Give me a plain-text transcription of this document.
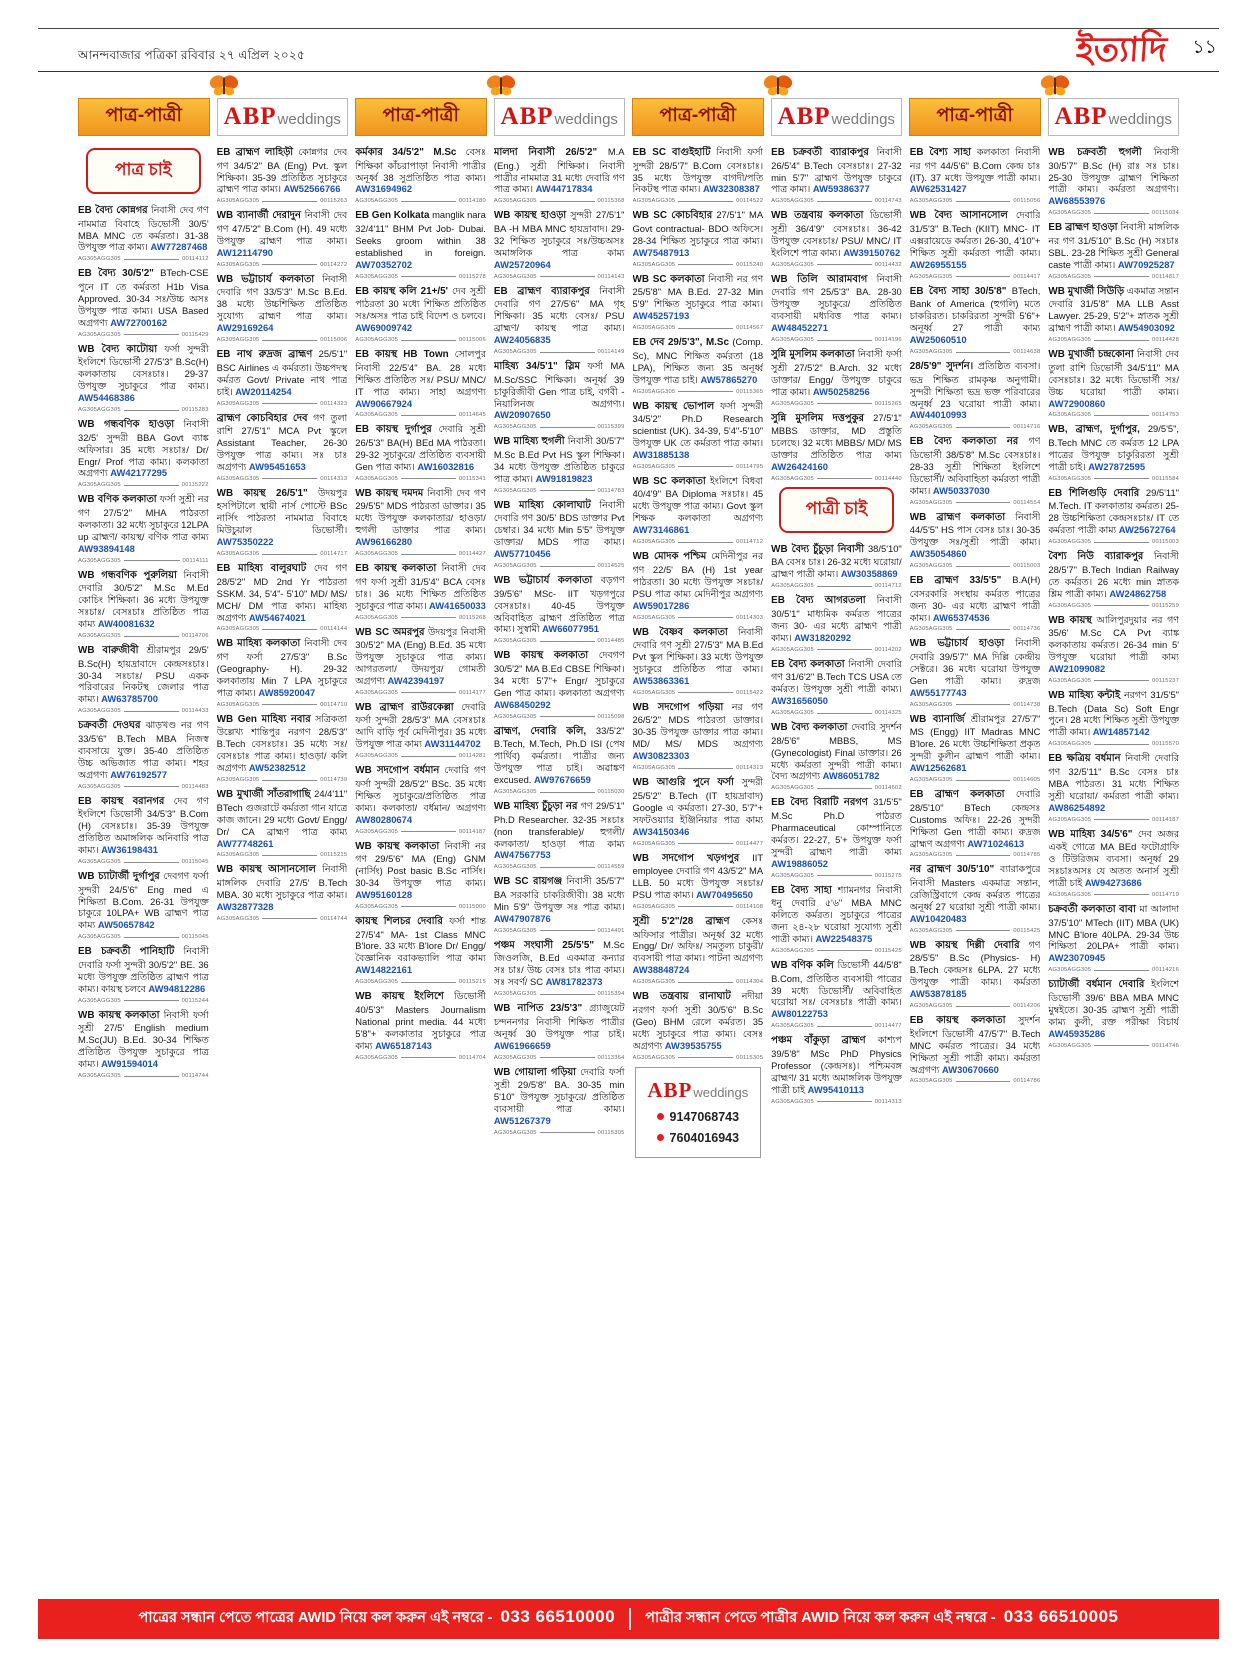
আনন্দবাজার পত্রিকা রবিবার ২৭ এপ্রিল ২০২৫	ইত্যাদি ১১
পাত্র-পাত্রী ABPweddings পাত্র-পাত্রী ABPweddings পাত্র-পাত্রী ABPweddings পাত্র-পাত্রী ABPweddings
পাত্র চাই

EB বৈদ্য কোন্নগর নিবাসী দেব গণ নামমাত্র বিবাহে ডিভোর্সী 30/5' MBA MNC তে কর্মরতা। 31-38 উপযুক্ত পাত্র কাম্য। AW77287468

AG305AGG305	00114112

EB বৈদ্য 30/5'2" BTech-CSE পুনে IT তে কর্মরতা H1b Visa Approved. 30-34 সঃ/উচ্চ অসঃ উপযুক্ত পাত্র কাম্য। USA Based অগ্রগণ্য AW72700162

AG305AGG305	00115429

WB বৈদ্য কাটোয়া ফর্সা সুন্দরী ইংলিশে ডিভোর্সী 27/5'3" B.Sc(H) কলকাতায় বেসঃচাঃ। 29-37 উপযুক্ত সুচাকুরে পাত্র কাম্য। AW54468386

AG305AGG305	00115283

WB গন্ধবণিক হাওড়া নিবাসী 32/5' সুন্দরী BBA Govt ব্যাঙ্ক অফিসার। 35 মধ্যে সঃচাঃ/ Dr/ Engr/ Prof পাত্র কাম্য। কলকাতা অগ্রগণ্য AW42177295

AG305AGG305	00115222

WB বণিক কলকাতা ফর্সা সুশ্রী নর গণ 27/5'2" MHA পাঠরতা কলকাতা। 32 মধ্যে সুচাকুরে 12LPA up ব্রাহ্মণ/ কায়স্থ/ বণিক পাত্র কাম্য AW93894148

AG305AGG305	00114111

WB গন্ধবণিক পুরুলিয়া নিবাসী দেবারি 30/5'2" M.Sc M.Ed কোচিং শিক্ষিকা। 36 মধ্যে উপযুক্ত সঃচাঃ/ বেসঃচাঃ প্রতিষ্ঠিত পাত্র কাম্য AW40081632

AG305AGG305	00114706

WB বারুজীবী শ্রীরামপুর 29/5' B.Sc(H) হায়দ্রাবাদে কেন্দ্রসঃচাঃ। 30-34 সঃচাঃ/ PSU একক পরিবারের নিকটস্থ জেলার পাত্র কাম্য। AW63785700

AG305AGG305	00114433

চক্রবর্তী দেওঘর ঝাড়খণ্ড নর গণ 33/5'6" B.Tech MBA নিজস্ব ব্যবসায়ে যুক্ত। 35-40 প্রতিষ্ঠিত উচ্চ অভিজাত পাত্র কাম্য। শহর অগ্রগণ্য AW76192577

AG305AGG305	00114483

EB কায়স্থ বরানগর দেব গণ ইংলিশে ডিভোর্সী 34/5'3" B.Com (H) বেসঃচাঃ। 35-39 উপযুক্ত প্রতিষ্ঠিত অমাঙ্গলিক অনিবারি পাত্র কাম্য। AW36198431

AG305AGG305	00115045

WB চ্যাটার্জী দুর্গাপুর দেবগণ ফর্সা সুন্দরী 24/5'6" Eng med এ শিক্ষিতা B.Com. 26-31 উপযুক্ত চাকুরে 10LPA+ WB ব্রাহ্মণ পাত্র কাম্য AW50657842

AG305AGG305	00115045

EB চক্রবর্তী পানিহাটি নিবাসী দেবারি ফর্সা সুন্দরী 30/5'2" BE. 36 মধ্যে উপযুক্ত প্রতিষ্ঠিত ব্রাহ্মণ পাত্র কাম্য। কায়স্থ চলবে AW94812286

AG305AGG305	00115244

WB কায়স্থ কলকাতা নিবাসী ফর্সা সুশ্রী 27/5' English medium M.Sc(JU) B.Ed. 30-34 শিক্ষিত প্রতিষ্ঠিত উপযুক্ত সুচাকুরে পাত্র কাম্য। AW91594014

AG305AGG305	00114744

EB ব্রাহ্মণ লাহিড়ী কোন্নগর দেব গণ 34/5'2" BA (Eng) Pvt. স্কুল শিক্ষিকা। 35-39 প্রতিষ্ঠিত সুচাকুরে ব্রাহ্মণ পাত্র কাম্য। AW52566766

AG305AGG305	00115263

WB ব্যানার্জী দেরাদুন নিবাসী দেব গণ 47/5'2" B.Com (H). 49 মধ্যে উপযুক্ত ব্রাহ্মণ পাত্র কাম্য। AW12114790

AG305AGG305	00114272

WB ভট্টাচার্য কলকাতা নিবাসী দেবারি গণ 33/5'3" M.Sc B.Ed. 38 মধ্যে উচ্চশিক্ষিত প্রতিষ্ঠিত সুযোগ্য ব্রাহ্মণ পাত্র কাম্য। AW29169264

AG305AGG305	00115006

EB নাথ রুদ্রজ ব্রাহ্মণ 25/5'1" BSC Airlines এ কর্মরতা। উচ্চপদস্থ কর্মরত Govt/ Private নাথ পাত্র চাই। AW20114254

AG305AGG305	00114323

ব্রাহ্মণ কোচবিহার দেব গণ তুলা রাশি 27/5'1" MCA Pvt স্কুলে Assistant Teacher, 26-30 উপযুক্ত পাত্র কাম্য। সঃ চাঃ অগ্রগণ্য AW95451653

AG305AGG305	00114313

WB কায়স্থ 26/5'1" উদয়পুর হসপিটালে স্থায়ী নার্স পোস্টে BSc নার্সিং পাঠরতা নামমাত্র বিবাহে মিউচুয়াল ডিভোর্সী। AW75350222

AG305AGG305	00114717

EB মাহিষ্য বালুরঘাট দেব গণ 28/5'2" MD 2nd Yr পাঠরতা SSKM. 34, 5'4"- 5'10" MD/ MS/ MCH/ DM পাত্র কাম্য। মাহিষ্য অগ্রগণ্য AW54674021

AG305AGG305	00114144

WB মাহিষ্য কলকাতা নিবাসী দেব গণ ফর্সা 27/5'3" B.Sc (Geography- H). 29-32 কলকাতায় Min 7 LPA সুচাকুরে পাত্র কাম্য। AW85920047

AG305AGG305	00114710

WB Gen মাহিষ্য নবার সত্রিকতা উল্লেখ্য শান্তিপুর নরগণ 28/5'3" B.Tech বেসঃচাঃ। 35 মধ্যে সঃ/বেসঃচাঃ পাত্র কাম্য। হাওড়া/ কলি অগ্রগণ্য AW52382512

AG305AGG305	00114739

WB মুখার্জী সাঁতরাগাছি 24/4'11" BTech গুজরাটে কর্মরতা গান যাত্রে কাজ জানে। 29 মধ্যে Govt/ Engg/ Dr/ CA ব্রাহ্মণ পাত্র কাম্য AW77748261

AG305AGG305	00115215

WB কায়স্থ আসানসোল নিবাসী মাঙ্গলিক দেবারি 27/5' B.Tech MBA. 30 মধ্যে সুচাকুরে পাত্র কাম্য। AW32877328

AG305AGG305	00114744

কর্মকার 34/5'2" M.Sc বেসঃ শিক্ষিকা কাঁচরাপাড়া নিবাসী পাত্রীর অনূর্ধ্ব 38 সুপ্রতিষ্ঠিত পাত্র কাম্য। AW31694962

AG305AGG305	00114180

EB Gen Kolkata manglik nara 32/4'11" BHM Pvt Job- Dubai. Seeks groom within 38 established in foreign. AW70352702

AG305AGG305	00115278

EB কায়স্থ কলি 21+/5' দেব সুশ্রী পাঠরতা 30 মধ্যে শিক্ষিত প্রতিষ্ঠিত সঃ/অসঃ পাত্র চাই বিদেশ ও চলবে। AW69009742

AG305AGG305	00115006

EB কায়স্থ HB Town সোলপুর নিবাসী 22/5'4" BA. 28 মধ্যে শিক্ষিত প্রতিষ্ঠিত সঃ/ PSU/ MNC/ IT পাত্র কাম্য। সাহা অগ্রগণ্য AW90667924

AG305AGG305	00114645

EB কায়স্থ দুর্গাপুর দেবারি সুশ্রী 26/5'3" BA(H) BEd MA পাঠরতা। 29-32 সুচাকুরে/ প্রতিষ্ঠিত ব্যবসায়ী Gen পাত্র কাম্য। AW16032816

AG305AGG305	00115341

WB কায়স্থ দমদম নিবাসী দেব গণ 29/5'5" MDS পাঠরতা ডাক্তার। 35 মধ্যে উপযুক্ত কলকাতার/ হাওড়া/ হুগলী ডাক্তার পাত্র কাম্য। AW96166280

AG305AGG305	00114427

EB কায়স্থ কলকাতা নিবাসী দেব গণ ফর্সা সুশ্রী 31/5'4" BCA বেসঃ চাঃ। 36 মধ্যে শিক্ষিত প্রতিষ্ঠিত সুচাকুরে পাত্র কাম্য। AW41650033

AG305AGG305	00115268

WB SC অমরপুর উদয়পুর নিবাসী 30/5'2" MA (Eng) B.Ed. 35 মধ্যে উপযুক্ত সুচাকুরে পাত্র কাম্য। আগরতলা/ উদয়পুর/ গোমতী অগ্রগণ্য AW42394197

AG305AGG305	00114177

WB ব্রাহ্মণ রাউরকেল্লা দেবারি ফর্সা সুন্দরী 28/5'3" MA বেসঃচাঃ আদি বাড়ি পূর্ব মেদিনীপুর। 35 মধ্যে উপযুক্ত পাত্র কাম্য AW31144702

AG305AGG305	00114281

WB সদগোপ বর্ধমান দেবারি গণ ফর্সা সুন্দরী 28/5'2" BSc. 35 মধ্যে শিক্ষিত সুচাকুরে/প্রতিষ্ঠিত পাত্র কাম্য। কলকাতা/ বর্ধমান/ অগ্রগণ্য AW80280674

AG305AGG305	00114187

WB কায়স্থ কলকাতা নিবাসী নর গণ 29/5'6" MA (Eng) GNM (নার্সিং) Post basic B.Sc নার্সিং। 30-34 উপযুক্ত পাত্র কাম্য। AW95160128

AG305AGG305	00115000

কায়স্থ শিলচর দেবারি ফর্সা শান্ত 27/5'4" MA- 1st Class MNC B'lore. 33 মধ্যে B'lore Dr/ Engg/ বৈজ্ঞানিক বরাকভ্যালি পাত্র কাম্য AW14822161

AG305AGG305	00115215

WB কায়স্থ ইংলিশে ডিভোর্সী 40/5'3" Masters Journalism National print media. 44 মধ্যে 5'8"+ কলকাতার সুচাকুরে পাত্র কাম্য AW65187143

AG305AGG305	00114704

মালদা নিবাসী 26/5'2" M.A (Eng.) সুশ্রী শিক্ষিকা। নিবাসী পাত্রীর নামমাত্র 31 মধ্যে দেবারি গণ পাত্র কাম্য। AW44717834

AG305AGG305	00115368

WB কায়স্থ হাওড়া সুন্দরী 27/5'1" BA -H MBA MNC হায়দ্রাবাদ। 29-32 শিক্ষিত সুচাকুরে সঃ/উচ্চঅসঃ অমাঙ্গলিক পাত্র কাম্য AW25720964

AG305AGG305	00114143

EB ব্রাহ্মণ ব্যারাকপুর নিবাসী দেবারি গণ 27/5'6" MA গৃহ শিক্ষিকা। 35 মধ্যে বেসঃ/ PSU ব্রাহ্মণ/ কায়স্থ পাত্র কাম্য। AW24056835

AG305AGG305	00114149

মাহিষ্য 34/5'1" স্লিম ফর্সা MA M.Sc/SSC শিক্ষিকা। অনূর্ধ্ব 39 চাকুরিজীবী Gen পাত্র চাই, বগবী - নিয়ালিনজ অগ্রগণ্য। AW20907650

AG305AGG305	00115399

WB মাহিষ্য হুগলী নিবাসী 30/5'7" M.Sc B.Ed Pvt HS স্কুল শিক্ষিকা। 34 মধ্যে উপযুক্ত প্রতিষ্ঠিত চাকুরে পাত্র কাম্য। AW91819823

AG305AGG305	00114783

WB মাহিষ্য কোলাঘাট নিবাসী দেবারি গণ 30/5' BDS ডাক্তার Pvt চেম্বার। 34 মধ্যে Min 5'5" উপযুক্ত ডাক্তার/ MDS পাত্র কাম্য। AW57710456

AG305AGG305	00114525

WB ভট্টাচার্য কলকাতা বড়গণ 39/5'6" MSc- IIT খড়গপুরে বেসঃচাঃ। 40-45 উপযুক্ত অবিবাহিত ব্রাহ্মণ প্রতিষ্ঠিত পাত্র কাম্য। সুস্বামী AW66077951

AG305AGG305	00114485

WB কায়স্থ কলকাতা দেবগণ 30/5'2" MA B.Ed CBSE শিক্ষিকা। 34 মধ্যে 5'7"+ Engr/ সুচাকুরে Gen পাত্র কাম্য। কলকাতা অগ্রগণ্য AW68450292

AG305AGG305	00115098

ব্রাহ্মণ, দেবারি কলি, 33/5'2" B.Tech, M.Tech, Ph.D ISI (পেষ পার্থিব) কর্মরতা। পাত্রীর জন্য উপযুক্ত পাত্র চাই। অৱাঙ্কণ excused. AW97676659

AG305AGG305	00115030

WB মাহিষ্য চুঁচুড়া নর গণ 29/5'1" Ph.D Researcher. 32-35 সঃচাঃ (non transferable)/ হুগলী/ কলকাতা/ হাওড়া পাত্র কাম্য AW47567753

AG305AGG305	00114559

WB SC রায়গঞ্জ নিবাসী 35/5'7" BA সরকারি চাকরিজীবী। 38 মধ্যে Min 5'9" উপযুক্ত সঃ পাত্র কাম্য। AW47907876

AG305AGG305	00114491

পঞ্চম সংঘাসী 25/5'5" M.Sc জিওলজি, B.Ed একমাত্র কন্যার সঃ চাঃ/ উচ্চ বেসঃ চাঃ পাত্র কাম্য। সঃ সবর্ণ/ SC AW81782373

AG305AGG305	00115394

WB নাপিত 23/5'3" গ্র্যাজুয়েট চন্দননগর নিবাসী শিক্ষিত পাত্রীর অনূর্ধ্ব 30 উপযুক্ত পাত্র চাই। AW61966659

AG305AGG305	00113364

WB গোয়ালা গড়িয়া দেবারি ফর্সা সুশ্রী 29/5'8" BA. 30-35 min 5'10" উপযুক্ত সুচাকুরে/ প্রতিষ্ঠিত ব্যবসায়ী পাত্র কাম্য। AW51267379

AG305AGG305	00115305

EB SC বাগুইহাটি নিবাসী ফর্সা সুন্দরী 28/5'7" B.Com বেসঃচাঃ। 35 মধ্যে উপযুক্ত বাগদী/পতি নিকটস্থ পাত্র কাম্য। AW32308387

AG305AGG305	00114522

WB SC কোচবিহার 27/5'1" MA Govt contractual- BDO অফিসে। 28-34 শিক্ষিত সুচাকুরে পাত্র কাম্য। AW75487913

AG305AGG305	00115240

WB SC কলকাতা নিবাসী নর গণ 25/5'8" MA B.Ed. 27-32 Min 5'9" শিক্ষিত সুচাকুরে পাত্র কাম্য। AW45257193

AG305AGG305	00114567

EB দেব 29/5'3", M.Sc (Comp. Sc), MNC শিক্ষিত কর্মরতা (18 LPA), শিক্ষিত জন্য 35 অনূর্ধ্ব উপযুক্ত পাত্র চাই। AW57865270

AG305AGG305	00115365

WB কায়স্থ ভোপাল ফর্সা সুন্দরী 34/5'2" Ph.D Research scientist (UK). 34-39, 5'4"-5'10" উপযুক্ত UK তে কর্মরতা পাত্র কাম্য। AW31885138

AG305AGG305	00114795

WB SC কলকাতা ইংলিশে বিধবা 40/4'9" BA Diploma সঃচাঃ। 45 মধ্যে উপযুক্ত পাত্র কাম্য। Govt স্কুল শিক্ষক কলকাতা অগ্রগণ্য AW73146861

AG305AGG305	00114712

WB মোদক পশ্চিম মেদিনীপুর নর গণ 22/5' BA (H) 1st year পাঠরতা। 30 মধ্যে উপযুক্ত সঃচাঃ/ PSU পাত্র কাম্য মেদিনীপুর অগ্রগণ্য AW59017286

AG305AGG305	00114303

WB বৈষ্ণব কলকাতা নিবাসী দেবারি গণ সুশ্রী 27/5'3" MA B.Ed Pvt স্কুল শিক্ষিকা। 33 মধ্যে উপযুক্ত সুচাকুরে প্রতিষ্ঠিত পাত্র কাম্য। AW53863361

AG305AGG305	00115422

WB সদগোপ গড়িয়া নর গণ 26/5'2" MDS পাঠরতা ডাক্তার। 30-35 উপযুক্ত ডাক্তার পাত্র কাম্য। MD/ MS/ MDS অগ্রগণ্য AW30823303

AG305AGG305	00114313

WB আগুরি পুনে ফর্সা সুন্দরী 25/5'2" B.Tech (IT হায়দ্রাবাদ) Google এ কর্মরতা। 27-30, 5'7"+ সফটওয়্যার ইঞ্জিনিয়ার পাত্র কাম্য AW34150346

AG305AGG305	00114477

WB সদগোপ খড়গপুর IIT employee দেবারি গণ 43/5'2" MA LLB. 50 মধ্যে উপযুক্ত সঃচাঃ/ PSU পাত্র কাম্য। AW70495650

AG305AGG305	00114108

সুশ্রী 5'2"/28 ব্রাহ্মণ কেসঃ অফিসার পাত্রীর। অনূর্ধ্ব 32 মধ্যে Engg/ Dr/ অফিঃ/ সমতুল্য চাকুরী/ ব্যবসায়ী পাত্র কাম্য। পাটনা অগ্রগণ্য AW38848724

AG305AGG305	00114304

WB তন্ত্রবায় রানাঘাট নদীয়া নরগণ ফর্সা সুশ্রী 30/5'6" B.Sc (Geo) BHM রেলে কর্মরত। 35 মধ্যে সুচাকুরে পাত্র কাম্য। বেসঃ অগ্রগণ্য AW39535755

AG305AGG305	00115305
ABPweddings
9147068743
7604016943

EB চক্রবর্তী ব্যারাকপুর নিবাসী 26/5'4" B.Tech বেসঃচাঃ। 27-32 min 5'7" ব্রাহ্মণ উপযুক্ত চাকুরে পাত্র কাম্য। AW59386377

AG305AGG305	00114743

WB তন্ত্রবায় কলকাতা ডিভোর্সী সুশ্রী 36/4'9" বেসঃচাঃ। 36-42 উপযুক্ত বেসঃচাঃ/ PSU/ MNC/ IT ইংলিশে পাত্র কাম্য। AW39150762

AG305AGG305	00114432

WB তিলি আরামবাগ নিবাসী দেবারি গণ 25/5'3" BA. 28-30 উপযুক্ত সুচাকুরে/ প্রতিষ্ঠিত ব্যবসায়ী মধ্যবিত্ত পাত্র কাম্য। AW48452271

AG305AGG305	00114196

সুন্নি মুসলিম কলকাতা নিবাসী ফর্সা সুশ্রী 27/5'2" B.Arch. 32 মধ্যে ডাক্তার/ Engg/ উপযুক্ত চাকুরে পাত্র কাম্য। AW50258256

AG305AGG305	00115265

সুন্নি মুসলিম দত্তপুকুর 27/5'1" MBBS ডাক্তার, MD প্রস্তুতি চলেছে। 32 মধ্যে MBBS/ MD/ MS ডাক্তার প্রতিষ্ঠিত পাত্র কাম্য AW26424160

AG305AGG305	00114440
পাত্রী চাই

WB বৈদ্য চুঁচুড়া নিবাসী 38/5'10" BA বেসঃ চাঃ। 26-32 মধ্যে ঘরোয়া/ ব্রাহ্মণ পাত্রী কাম্য। AW30358869

AG305AGG305	00114712

EB বৈদ্য আগরতলা নিবাসী 30/5'1" মাধ্যমিক কর্মরত পাত্রের জন্য 30- এর মধ্যে ব্রাহ্মণ পাত্রী কাম্য। AW31820292

AG305AGG305	00114202

EB বৈদ্য কলকাতা নিবাসী দেবারি গণ 31/6'2" B.Tech TCS USA তে কর্মরত। উপযুক্ত সুশ্রী পাত্রী কাম্য। AW31656050

AG305AGG305	00114325

WB বৈদ্য কলকাতা দেবারি সুদর্শন 28/5'6" MBBS, MS (Gynecologist) Final ডাক্তার। 26 মধ্যে কর্মরতা সুন্দরী পাত্রী কাম্য। বৈদ্য অগ্রগণ্য AW86051782

AG305AGG305	00114602

EB বৈদ্য বিরাটি নরগণ 31/5'5" M.Sc Ph.D পাঠরত Pharmaceutical কোম্পানিতে কর্মরত। 22-27, 5'+ উপযুক্ত ফর্সা সুন্দরী ব্রাহ্মণ পাত্রী কাম্য AW19886052

AG305AGG305	00115275

EB বৈদ্য সাহা শ্যামনগর নিবাসী ধনু দেবারি ৫'৬" MBA MNC কলিতে কর্মরত। সুচাকুরে পাত্রের জন্য ২৪-২৮ ঘরোয়া সুযোগ্য সুশ্রী পাত্রী কাম্য। AW22548375

AG305AGG305	00115425

WB বণিক কলি ডিভোর্সী 44/5'8" B.Com, প্রতিষ্ঠিত ব্যবসায়ী পাত্রের 39 মধ্যে ডিভোর্সী/ অবিবাহিত ঘরোয়া সঃ/ বেসঃচাঃ পাত্রী কাম্য। AW80122753

AG305AGG305	00114477

পঞ্চম বাঁকুড়া ব্রাহ্মণ কাশ্যপ 39/5'8" MSc PhD Physics Professor (কেন্দ্রসঃ)। পশ্চিমবঙ্গ ব্রাহ্মণ/ 31 মধ্যে অমাঙ্গলিক উপযুক্ত পাত্রী চাই AW95410113

AG305AGG305	00114313

EB বৈশ্য সাহা কলকাতা নিবাসী নর গণ 44/5'6" B.Com কেন্দ্র চাঃ (IT). 37 মধ্যে উপযুক্ত পাত্রী কাম্য। AW62531427

AG305AGG305	00115056

WB বৈদ্য আসানসোল দেবারি 31/5'3" B.Tech (KIIT) MNC- IT এক্সরায়েডে কর্মরত। 26-30, 4'10"+ শিক্ষিত সুশ্রী কর্মরতা পাত্রী কাম্য। AW26955155

AG305AGG305	00114417

EB বৈদ্য সাহা 30/5'8" BTech, Bank of America (হুগলি) মতে চাকরিরত। চাকরিরতা সুন্দরী 5'6"+ অনূর্ধ্ব 27 পাত্রী কাম্য AW25060510

AG305AGG305	00114638

28/5'9" সুদর্শন। প্রতিষ্ঠিত ব্যবসা। ভদ্র শিক্ষিত রামকৃষ্ণ অনুগামী। সুন্দরী শিক্ষিতা ভদ্র ভক্ত পরিবারের অনূর্ধ্ব 23 ঘরোয়া পাত্রী কাম্য। AW44010993

AG305AGG305	00114716

EB বৈদ্য কলকাতা নর গণ ডিভোর্সী 38/5'8" M.Sc বেসঃচাঃ। 28-33 সুশ্রী শিক্ষিতা ইংলিশে ডিভোর্সী/ অবিবাহিতা কর্মরতা পাত্রী কাম্য। AW50337030

AG305AGG305	00114554

WB ব্রাহ্মণ কলকাতা নিবাসী 44/5'5" HS পাস বেসঃ চাঃ। 30-35 উপযুক্ত সঃ/সুশ্রী পাত্রী কাম্য। AW35054860

AG305AGG305	00115003

EB ব্রাহ্মণ 33/5'5" B.A(H) বেসরকারি সংস্থায় কর্মরত পাত্রের জন্য 30- এর মধ্যে ব্রাহ্মণ পাত্রী কাম্য। AW65374536

AG305AGG305	00114736

WB ভট্টাচার্য হাওড়া নিবাসী দেবারি 39/5'7" MA দিল্লি কেন্দ্রীয় সেক্টরে। 36 মধ্যে ঘরোয়া উপযুক্ত Gen পাত্রী কাম্য। রুদ্রজ AW55177743

AG305AGG305	00114738

WB ব্যানার্জি শ্রীরামপুর 27/5'7" MS (Engg) IIT Madras MNC B'lore. 26 মধ্যে উচ্চশিক্ষিতা প্রকৃত সুন্দরী কুলীন ব্রাহ্মণ পাত্রী কাম্য। AW12562681

AG305AGG305	00114605

EB ব্রাহ্মণ কলকাতা দেবারি 28/5'10" BTech কেন্দ্রসঃ Customs অফিঃ। 22-26 সুন্দরী শিক্ষিতা Gen পাত্রী কাম্য। রুদ্রজ ব্রাহ্মণ অগ্রগণ্য AW71024613

AG305AGG305	00114785

নর ব্রাহ্মণ 30/5'10" ব্যারাকপুরে নিবাসী Masters একমাত্র সন্তান, রেজিস্ট্রিবাগে কেন্দ্র কর্মরত পাত্রের অনূর্ধ্ব 27 ঘরোয়া সুশ্রী পাত্রী কাম্য। AW10420483

AG305AGG305	00115425

WB কায়স্থ দিল্লী দেবারি গণ 28/5'5" B.Sc (Physics- H) B.Tech কেন্দ্রসঃ 6LPA. 27 মধ্যে উপযুক্ত পাত্রী কাম্য। কর্মরতা AW53878185

AG305AGG305	00114206

EB কায়স্থ কলকাতা সুদর্শন ইংলিশে ডিভোর্সী 47/5'7" B.Tech MNC কর্মরত পাত্রের। 34 মধ্যে শিক্ষিতা সুশ্রী পাত্রী কাম্য। কর্মরতা অগ্রগণ্য AW30670660

AG305AGG305	00114786

WB চক্রবর্তী হুগলী নিবাসী 30/5'7" B.Sc (H) রাঃ সঃ চাঃ। 25-30 উপযুক্ত ব্রাহ্মণ শিক্ষিতা পাত্রী কাম্য। কর্মরতা অগ্রগণ্য। AW68553976

AG305AGG305	00115034

EB ব্রাহ্মণ হাওড়া নিবাসী মাঙ্গলিক নর গণ 31/5'10" B.Sc (H) সঃচাঃ SBL. 23-28 শিক্ষিত সুশ্রী General caste পাত্রী কাম্য। AW70925287

AG305AGG305	00114817

WB মুখার্জী সিউড়ি একমাত্র সন্তান দেবারি 31/5'8" MA LLB Asst Lawyer. 25-29, 5'2"+ স্নাতক সুশ্রী ব্রাহ্মণ পাত্রী কাম্য। AW54903092

AG305AGG305	00114428

WB মুখার্জী চন্দ্রকোনা নিবাসী দেব তুলা রাশি ডিভোর্সী 34/5'11" MA বেসঃচাঃ। 32 মধ্যে ডিভোর্সী সঃ/উচ্চ ঘরোয়া পাত্রী কাম্য। AW72900860

AG305AGG305	00114753

WB, ব্রাহ্মণ, দুর্গাপুর, 29/5'5", B.Tech MNC তে কর্মরত 12 LPA পাত্রের উপযুক্ত চাকুরিরতা সুশ্রী পাত্রী চাই। AW27872595

AG305AGG305	00115584

EB শিলিগুড়ি দেবারি 29/5'11" M.Tech. IT কলকাতায় কর্মরত। 25-28 উচ্চশিক্ষিতা কেন্দ্রসঃচাঃ/ IT তে কর্মরতা পাত্রী কাম্য AW25672764

AG305AGG305	00115003

বৈশ্য নিউ ব্যারাকপুর নিবাসী 28/5'7" B.Tech Indian Railway তে কর্মরত। 26 মধ্যে min স্নাতক শ্লিম পাত্রী কাম্য। AW24862758

AG305AGG305	00115259

WB কায়স্থ আলিপুরদুয়ার নর গণ 35/6' M.Sc CA Pvt ব্যাঙ্ক কলকাতায় কর্মরত। 26-34 min 5' উপযুক্ত ঘরোয়া পাত্রী কাম্য AW21099082

AG305AGG305	00115237

WB মাহিষ্য কন্টাই নরগণ 31/5'5" B.Tech (Data Sc) Soft Engr পুনে। 28 মধ্যে শিক্ষিত সুশ্রী উপযুক্ত পাত্রী কাম্য। AW14857142

AG305AGG305	00115570

EB ক্ষত্রিয় বর্ধমান নিবাসী দেবারি গণ 32/5'11" B.Sc বেসঃ চাঃ MBA পাঠরত। 31 মধ্যে শিক্ষিত সুশ্রী ঘরোয়া/ কর্মরতা পাত্রী কাম্য। AW86254892

AG305AGG305	00114187

WB মাহিষ্য 34/5'6" দেব অজর একই গোত্রে MA BEd ফটোগ্রাফি ও টিউরিজম ব্যবসা। অনূর্ধ্ব 29 সঃচাঃঅসঃ যে অতত অনার্স সুশ্রী পাত্রী চাই AW94273686

AG305AGG305	00114719

চক্রবর্তী কলকাতা বাবা মা আলাদা 37/5'10" MTech (IIT) MBA (UK) MNC B'lore 40LPA. 29-34 উচ্চ শিক্ষিতা 20LPA+ পাত্রী কাম্য। AW23070945

AG305AGG305	00114216

চ্যাটার্জী বর্ধমান দেবারি ইংলিশে ডিভোর্সী 39/6' BBA MBA MNC মুম্বইতে। 30-35 ব্রাহ্মণ সুশ্রী পাত্রী কাম্য কুলী, রক্ত পরীক্ষা বিচার্য AW45935286

AG305AGG305	00114746
পাত্রের সন্ধান পেতে পাত্রের AWID নিয়ে কল করুন এই নম্বরে - 033 66510000 পাত্রীর সন্ধান পেতে পাত্রীর AWID নিয়ে কল করুন এই নম্বরে - 033 66510005
